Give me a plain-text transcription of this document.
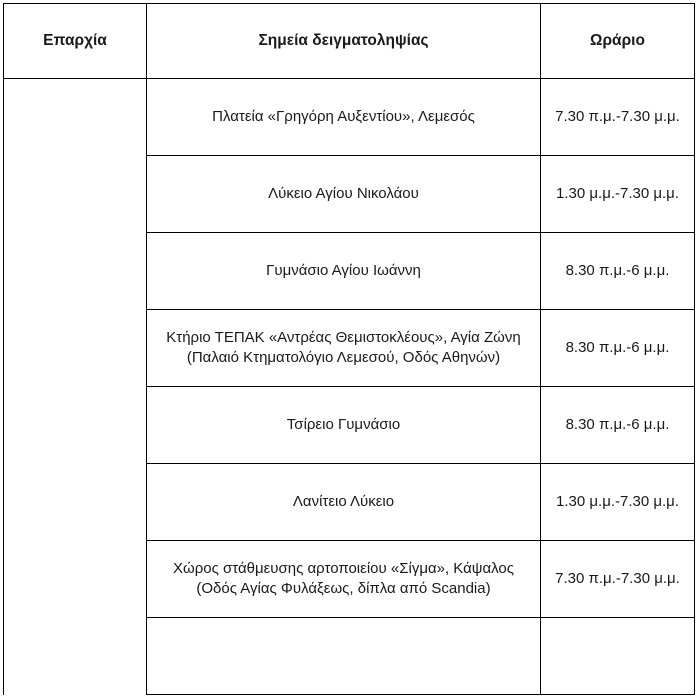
Επαρχία	Σημεία δειγματοληψίας	Ωράριο
	Πλατεία «Γρηγόρη Αυξεντίου», Λεμεσός	7.30 π.μ.-7.30 μ.μ.
	Λύκειο Αγίου Νικολάου	1.30 μ.μ.-7.30 μ.μ.
	Γυμνάσιο Αγίου Ιωάννη	8.30 π.μ.-6 μ.μ.
	Κτήριο ΤΕΠΑΚ «Αντρέας Θεμιστοκλέους», Αγία Ζώνη (Παλαιό Κτηματολόγιο Λεμεσού, Οδός Αθηνών)	8.30 π.μ.-6 μ.μ.
	Τσίρειο Γυμνάσιο	8.30 π.μ.-6 μ.μ.
	Λανίτειο Λύκειο	1.30 μ.μ.-7.30 μ.μ.
	Χώρος στάθμευσης αρτοποιείου «Σίγμα», Κάψαλος (Οδός Αγίας Φυλάξεως, δίπλα από Scandia)	7.30 π.μ.-7.30 μ.μ.
